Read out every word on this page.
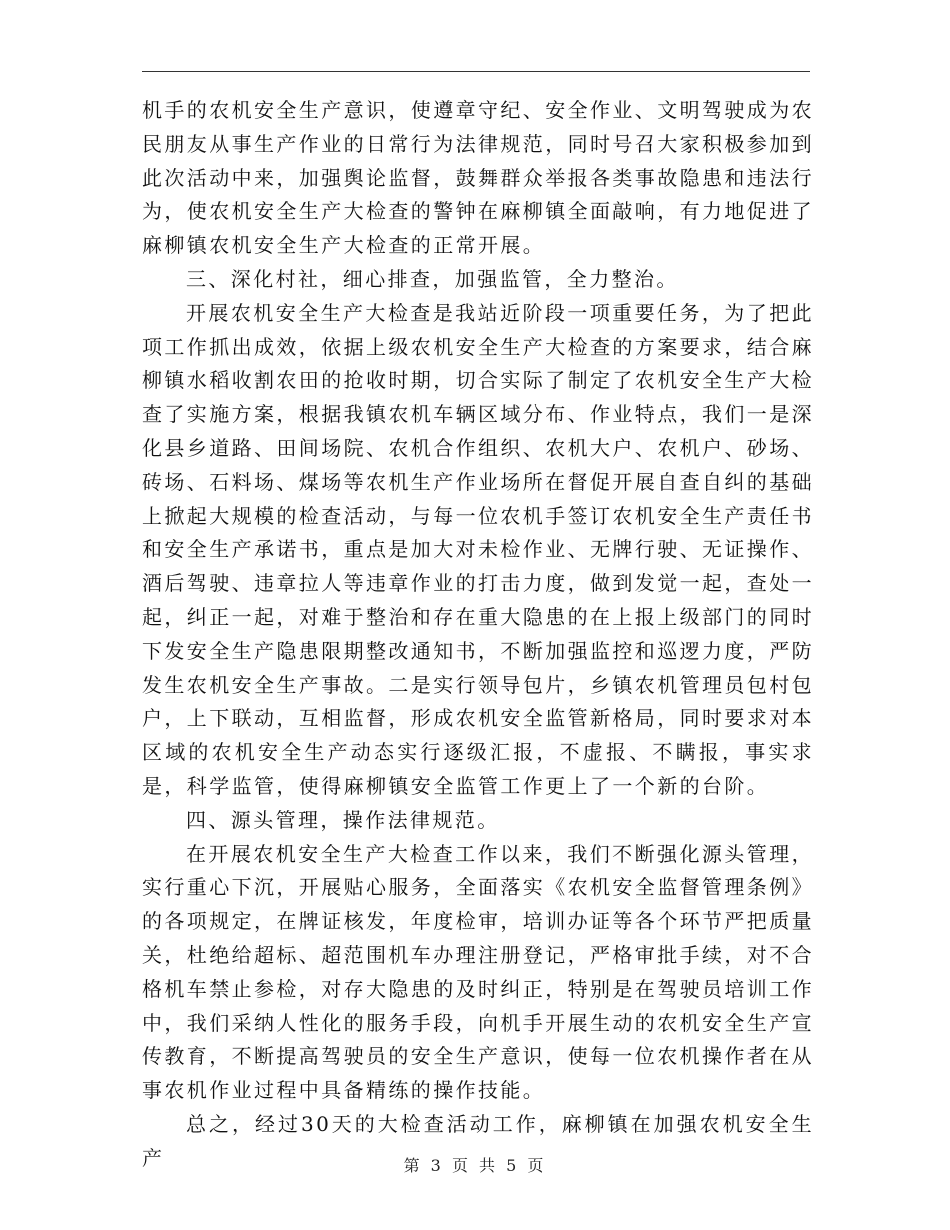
机手的农机安全生产意识，使遵章守纪、安全作业、文明驾驶成为农民朋友从事生产作业的日常行为法律规范，同时号召大家积极参加到此次活动中来，加强舆论监督，鼓舞群众举报各类事故隐患和违法行为，使农机安全生产大检查的警钟在麻柳镇全面敲响，有力地促进了麻柳镇农机安全生产大检查的正常开展。

三、深化村社，细心排查，加强监管，全力整治。

开展农机安全生产大检查是我站近阶段一项重要任务，为了把此项工作抓出成效，依据上级农机安全生产大检查的方案要求，结合麻柳镇水稻收割农田的抢收时期，切合实际了制定了农机安全生产大检查了实施方案，根据我镇农机车辆区域分布、作业特点，我们一是深化县乡道路、田间场院、农机合作组织、农机大户、农机户、砂场、砖场、石料场、煤场等农机生产作业场所在督促开展自查自纠的基础上掀起大规模的检查活动，与每一位农机手签订农机安全生产责任书和安全生产承诺书，重点是加大对未检作业、无牌行驶、无证操作、酒后驾驶、违章拉人等违章作业的打击力度，做到发觉一起，查处一起，纠正一起，对难于整治和存在重大隐患的在上报上级部门的同时下发安全生产隐患限期整改通知书，不断加强监控和巡逻力度，严防发生农机安全生产事故。二是实行领导包片，乡镇农机管理员包村包户，上下联动，互相监督，形成农机安全监管新格局，同时要求对本区域的农机安全生产动态实行逐级汇报，不虚报、不瞒报，事实求是，科学监管，使得麻柳镇安全监管工作更上了一个新的台阶。

四、源头管理，操作法律规范。

在开展农机安全生产大检查工作以来，我们不断强化源头管理，实行重心下沉，开展贴心服务，全面落实《农机安全监督管理条例》的各项规定，在牌证核发，年度检审，培训办证等各个环节严把质量关，杜绝给超标、超范围机车办理注册登记，严格审批手续，对不合格机车禁止参检，对存大隐患的及时纠正，特别是在驾驶员培训工作中，我们采纳人性化的服务手段，向机手开展生动的农机安全生产宣传教育，不断提高驾驶员的安全生产意识，使每一位农机操作者在从事农机作业过程中具备精练的操作技能。

总之，经过30天的大检查活动工作，麻柳镇在加强农机安全生产	第 3 页 共 5 页
